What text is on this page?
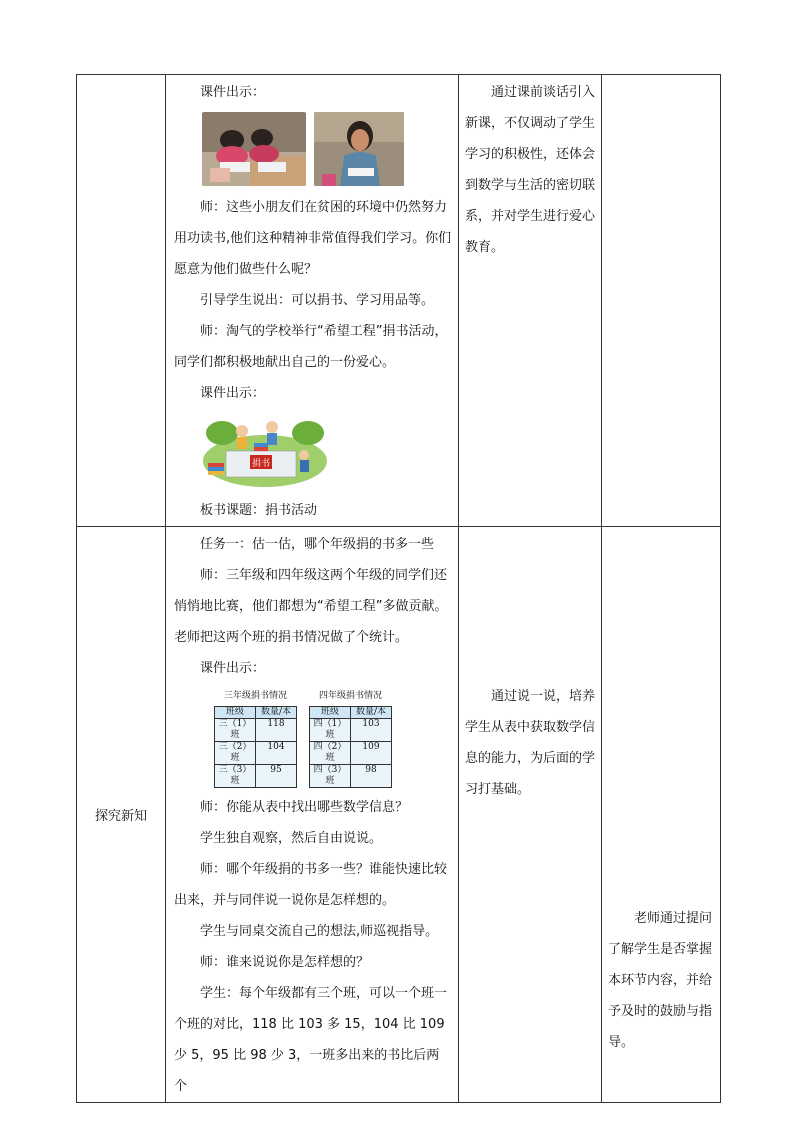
课件出示：

师：这些小朋友们在贫困的环境中仍然努力用功读书,他们这种精神非常值得我们学习。你们愿意为他们做些什么呢？

引导学生说出：可以捐书、学习用品等。

师：淘气的学校举行“希望工程”捐书活动，同学们都积极地献出自己的一份爱心。

课件出示：

捐书

板书课题：捐书活动

通过课前谈话引入新课，不仅调动了学生学习的积极性，还体会到数学与生活的密切联系，并对学生进行爱心教育。

探究新知	

任务一：估一估，哪个年级捐的书多一些

师：三年级和四年级这两个年级的同学们还悄悄地比赛，他们都想为“希望工程”多做贡献。老师把这两个班的捐书情况做了个统计。

课件出示：

三年级捐书情况
班级	数量/本
三（1）班	118
三（2）班	104
三（3）班	95
四年级捐书情况
班级	数量/本
四（1）班	103
四（2）班	109
四（3）班	98

师：你能从表中找出哪些数学信息？

学生独自观察，然后自由说说。

师：哪个年级捐的书多一些？谁能快速比较出来，并与同伴说一说你是怎样想的。

学生与同桌交流自己的想法,师巡视指导。

师：谁来说说你是怎样想的？

学生：每个年级都有三个班，可以一个班一个班的对比，118 比 103 多 15，104 比 109 少 5，95 比 98 少 3，一班多出来的书比后两个

通过说一说，培养学生从表中获取数学信息的能力，为后面的学习打基础。

老师通过提问了解学生是否掌握本环节内容，并给予及时的鼓励与指导。
